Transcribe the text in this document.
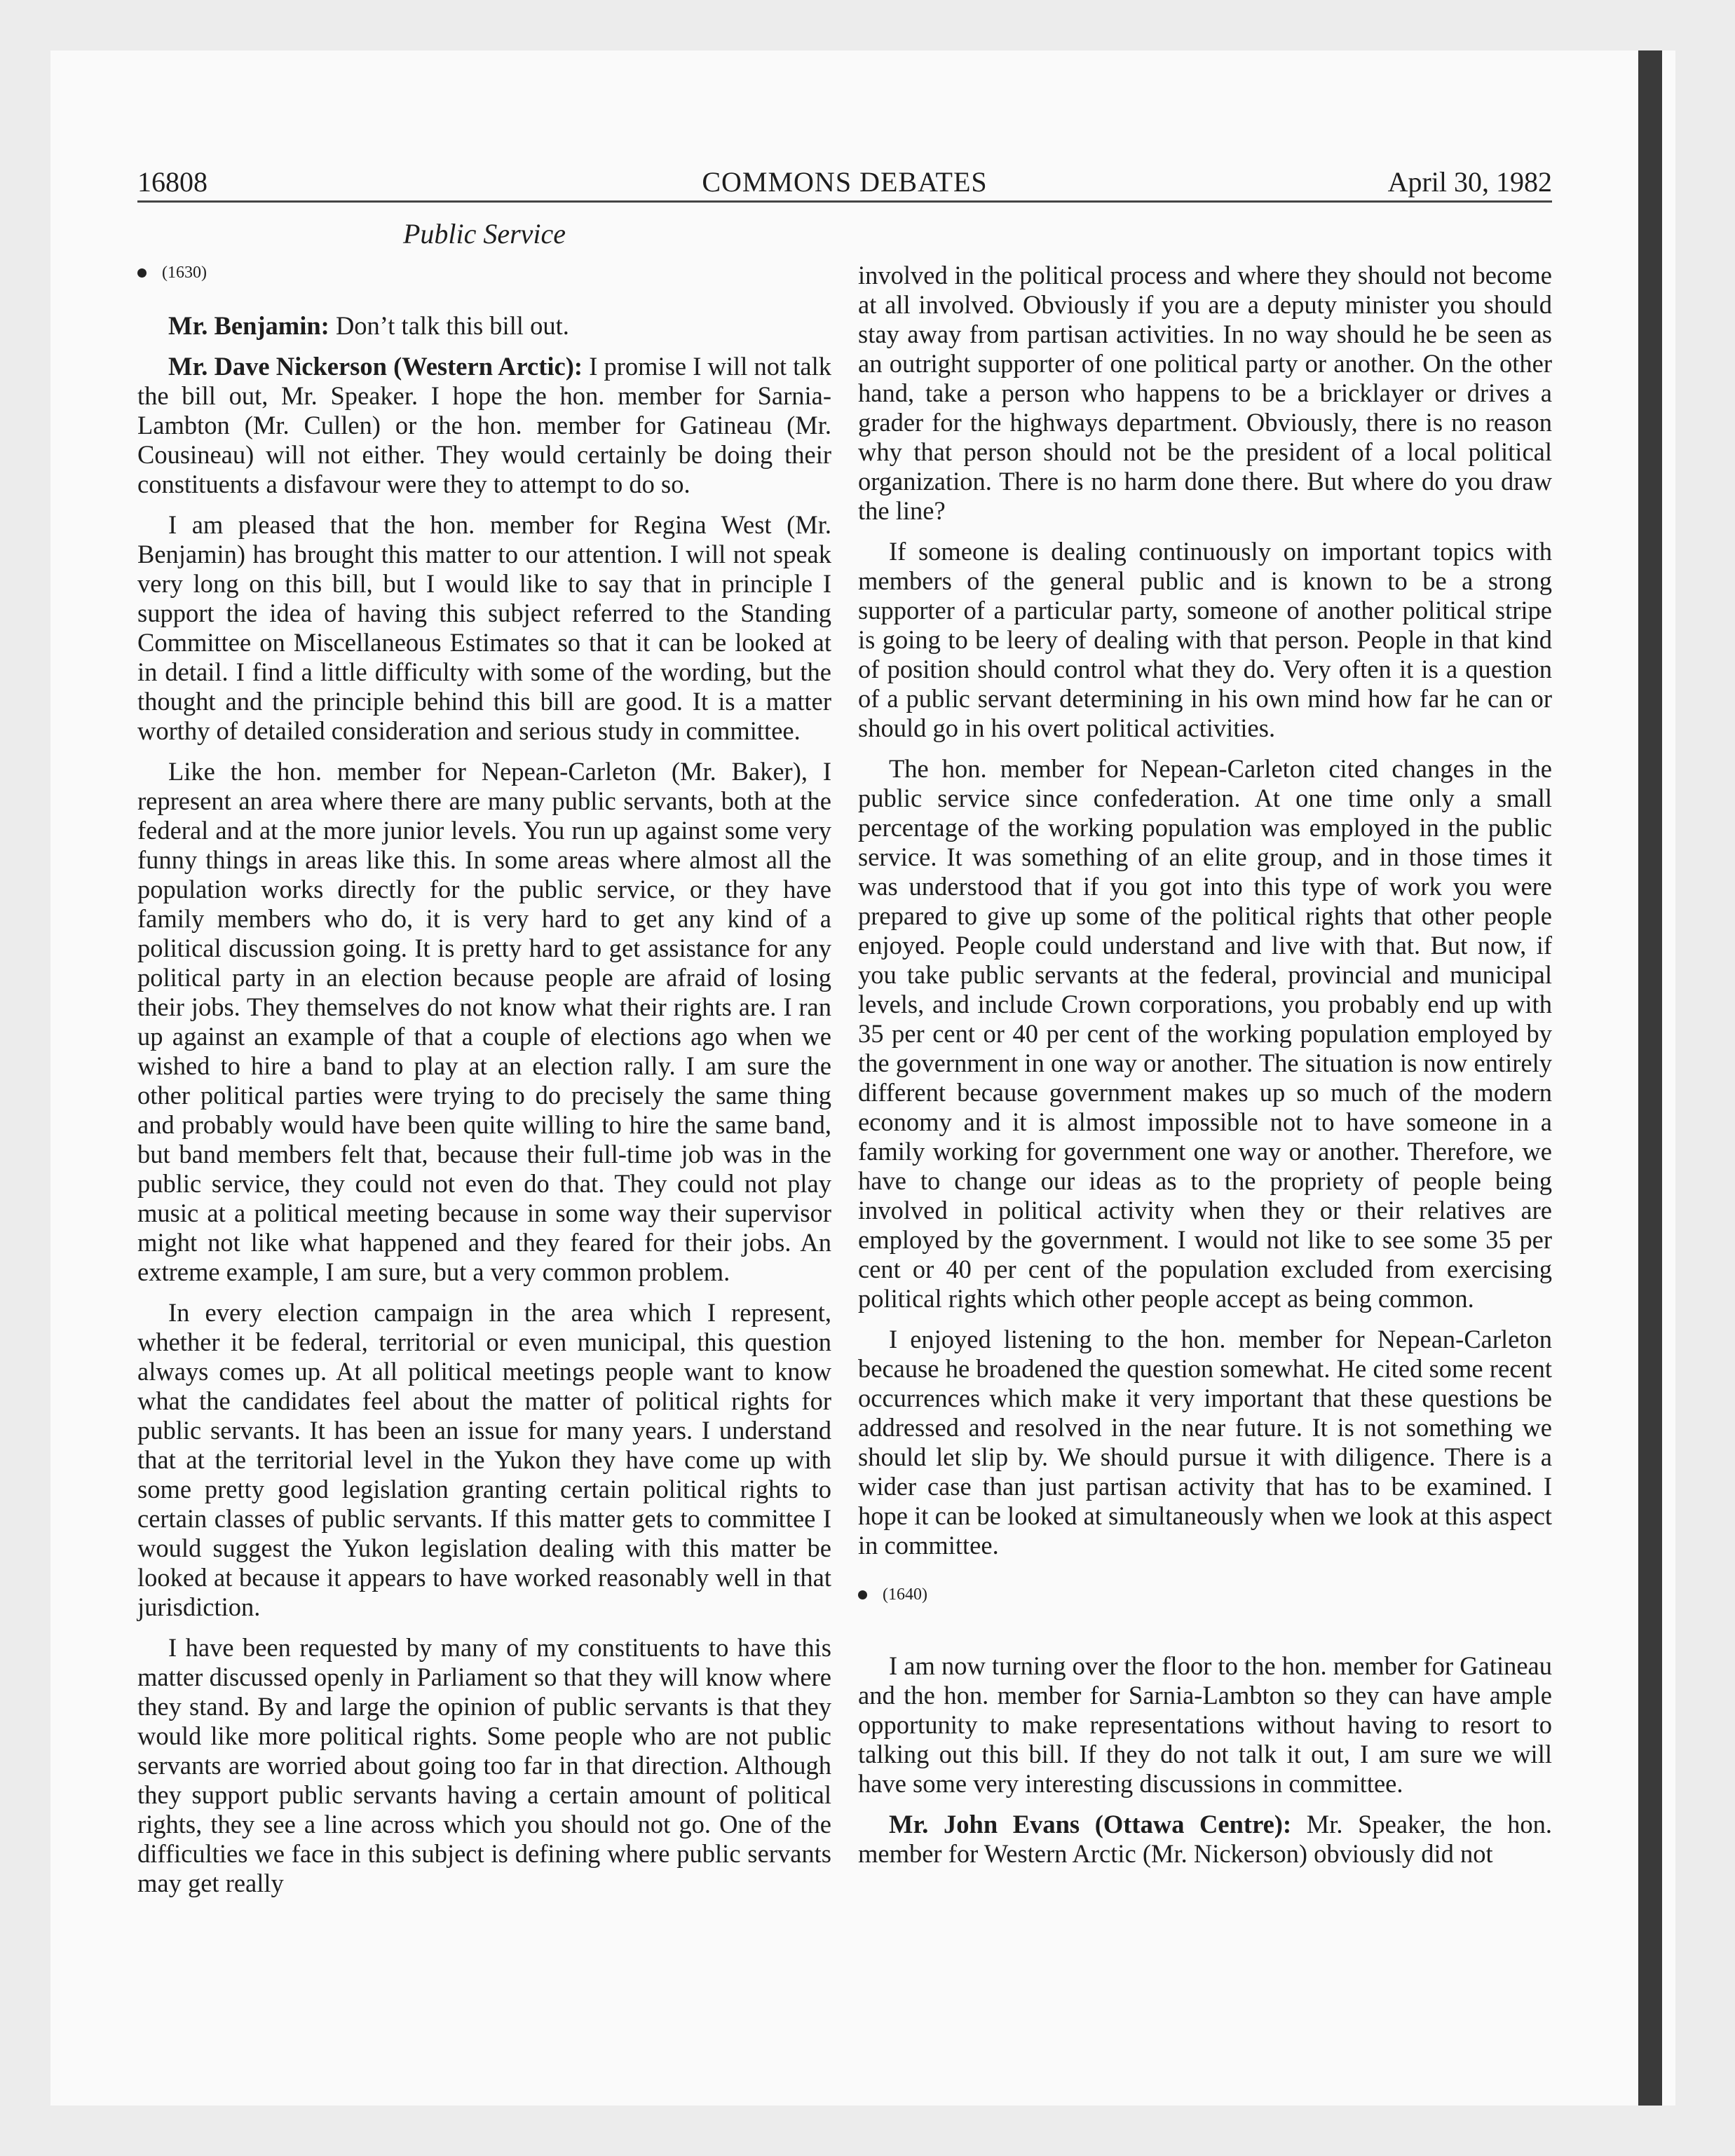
16808	COMMONS DEBATES	April 30, 1982
Public Service
(1630)

Mr. Benjamin: Don’t talk this bill out.

Mr. Dave Nickerson (Western Arctic): I promise I will not talk the bill out, Mr. Speaker. I hope the hon. member for Sarnia-Lambton (Mr. Cullen) or the hon. member for Gatineau (Mr. Cousineau) will not either. They would certainly be doing their constituents a disfavour were they to attempt to do so.

I am pleased that the hon. member for Regina West (Mr. Benjamin) has brought this matter to our attention. I will not speak very long on this bill, but I would like to say that in principle I support the idea of having this subject referred to the Standing Committee on Miscellaneous Estimates so that it can be looked at in detail. I find a little difficulty with some of the wording, but the thought and the principle behind this bill are good. It is a matter worthy of detailed consideration and serious study in committee.

Like the hon. member for Nepean-Carleton (Mr. Baker), I represent an area where there are many public servants, both at the federal and at the more junior levels. You run up against some very funny things in areas like this. In some areas where almost all the population works directly for the public service, or they have family members who do, it is very hard to get any kind of a political discussion going. It is pretty hard to get assistance for any political party in an election because people are afraid of losing their jobs. They themselves do not know what their rights are. I ran up against an example of that a couple of elections ago when we wished to hire a band to play at an election rally. I am sure the other political parties were trying to do precisely the same thing and probably would have been quite willing to hire the same band, but band members felt that, because their full-time job was in the public service, they could not even do that. They could not play music at a political meeting because in some way their supervisor might not like what happened and they feared for their jobs. An extreme example, I am sure, but a very common problem.

In every election campaign in the area which I represent, whether it be federal, territorial or even municipal, this question always comes up. At all political meetings people want to know what the candidates feel about the matter of political rights for public servants. It has been an issue for many years. I understand that at the territorial level in the Yukon they have come up with some pretty good legislation granting certain political rights to certain classes of public servants. If this matter gets to committee I would suggest the Yukon legislation dealing with this matter be looked at because it appears to have worked reasonably well in that jurisdiction.

I have been requested by many of my constituents to have this matter discussed openly in Parliament so that they will know where they stand. By and large the opinion of public servants is that they would like more political rights. Some people who are not public servants are worried about going too far in that direction. Although they support public servants having a certain amount of political rights, they see a line across which you should not go. One of the difficulties we face in this subject is defining where public servants may get really

involved in the political process and where they should not become at all involved. Obviously if you are a deputy minister you should stay away from partisan activities. In no way should he be seen as an outright supporter of one political party or another. On the other hand, take a person who happens to be a bricklayer or drives a grader for the highways department. Obviously, there is no reason why that person should not be the president of a local political organization. There is no harm done there. But where do you draw the line?

If someone is dealing continuously on important topics with members of the general public and is known to be a strong supporter of a particular party, someone of another political stripe is going to be leery of dealing with that person. People in that kind of position should control what they do. Very often it is a question of a public servant determining in his own mind how far he can or should go in his overt political activities.

The hon. member for Nepean-Carleton cited changes in the public service since confederation. At one time only a small percentage of the working population was employed in the public service. It was something of an elite group, and in those times it was understood that if you got into this type of work you were prepared to give up some of the political rights that other people enjoyed. People could understand and live with that. But now, if you take public servants at the federal, provincial and municipal levels, and include Crown corporations, you probably end up with 35 per cent or 40 per cent of the working population employed by the government in one way or another. The situation is now entirely different because government makes up so much of the modern economy and it is almost impossible not to have someone in a family working for government one way or another. Therefore, we have to change our ideas as to the propriety of people being involved in political activity when they or their relatives are employed by the government. I would not like to see some 35 per cent or 40 per cent of the population excluded from exercising political rights which other people accept as being common.

I enjoyed listening to the hon. member for Nepean-Carleton because he broadened the question somewhat. He cited some recent occurrences which make it very important that these questions be addressed and resolved in the near future. It is not something we should let slip by. We should pursue it with diligence. There is a wider case than just partisan activity that has to be examined. I hope it can be looked at simultaneously when we look at this aspect in committee.

(1640)

I am now turning over the floor to the hon. member for Gatineau and the hon. member for Sarnia-Lambton so they can have ample opportunity to make representations without having to resort to talking out this bill. If they do not talk it out, I am sure we will have some very interesting discussions in committee.

Mr. John Evans (Ottawa Centre): Mr. Speaker, the hon. member for Western Arctic (Mr. Nickerson) obviously did not
